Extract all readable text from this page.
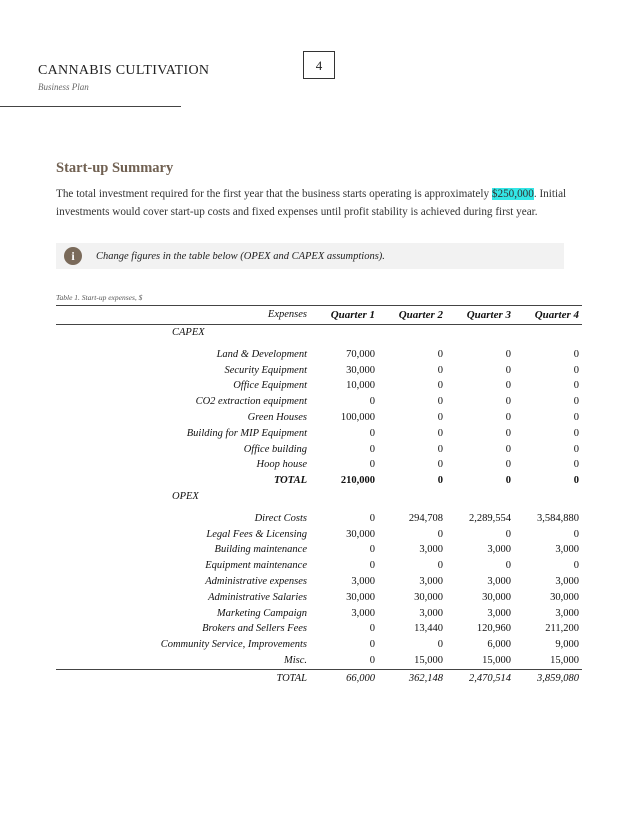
CANNABIS CULTIVATION
Business Plan
4
Start-up Summary
The total investment required for the first year that the business starts operating is approximately $250,000. Initial investments would cover start-up costs and fixed expenses until profit stability is achieved during first year.
i	Change figures in the table below (OPEX and CAPEX assumptions).
Table 1. Start-up expenses, $
Expenses	Quarter 1	Quarter 2	Quarter 3	Quarter 4
CAPEX				

Land & Development	70,000	0	0	0
Security Equipment	30,000	0	0	0
Office Equipment	10,000	0	0	0
CO2 extraction equipment	0	0	0	0
Green Houses	100,000	0	0	0
Building for MIP Equipment	0	0	0	0
Office building	0	0	0	0
Hoop house	0	0	0	0
TOTAL	210,000	0	0	0
OPEX				

Direct Costs	0	294,708	2,289,554	3,584,880
Legal Fees & Licensing	30,000	0	0	0
Building maintenance	0	3,000	3,000	3,000
Equipment maintenance	0	0	0	0
Administrative expenses	3,000	3,000	3,000	3,000
Administrative Salaries	30,000	30,000	30,000	30,000
Marketing Campaign	3,000	3,000	3,000	3,000
Brokers and Sellers Fees	0	13,440	120,960	211,200
Community Service, Improvements	0	0	6,000	9,000
Misc.	0	15,000	15,000	15,000
TOTAL	66,000	362,148	2,470,514	3,859,080
